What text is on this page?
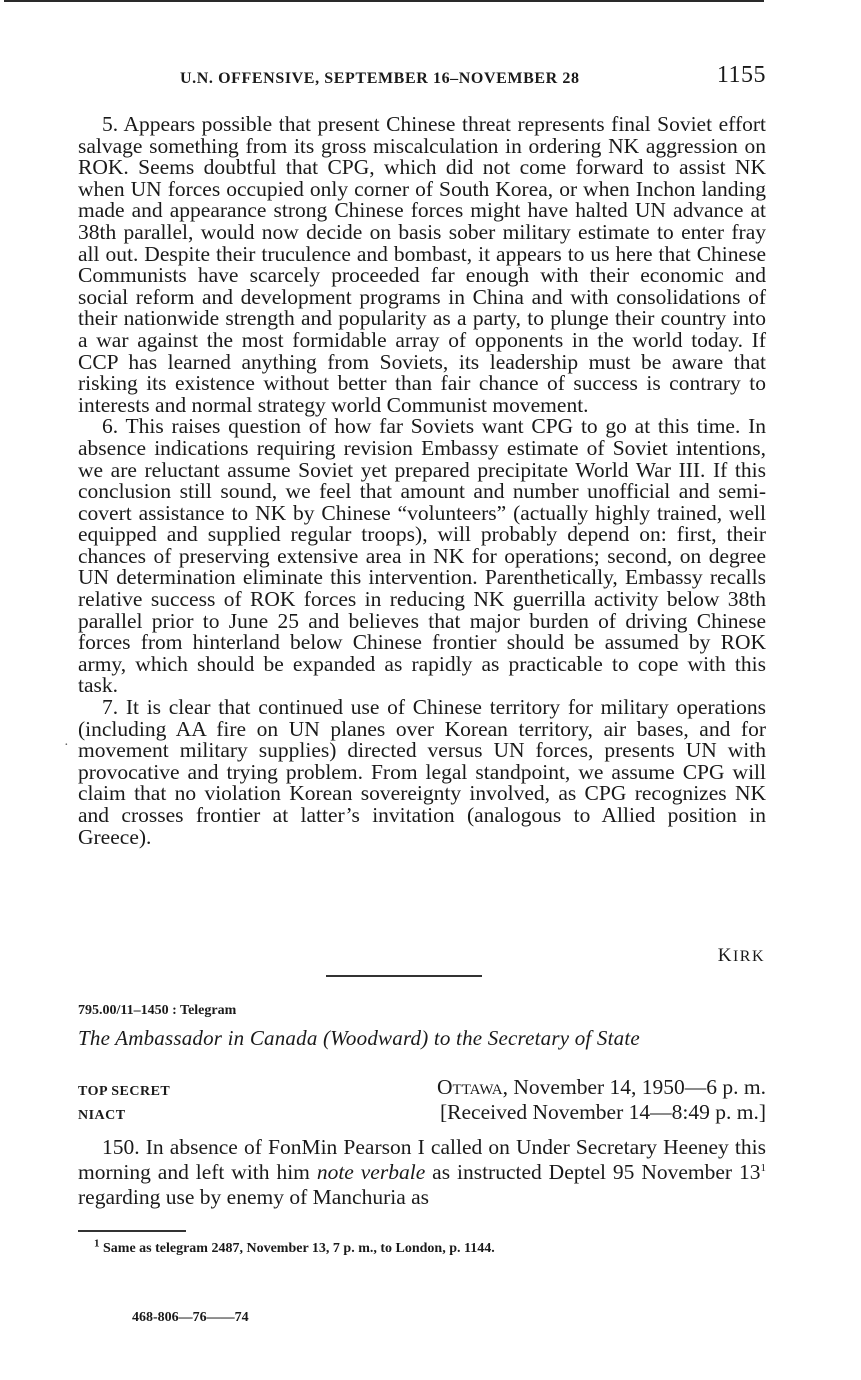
U.N. OFFENSIVE, SEPTEMBER 16–NOVEMBER 28	1155

5. Appears possible that present Chinese threat represents final Soviet effort salvage something from its gross miscalculation in ordering NK aggression on ROK. Seems doubtful that CPG, which did not come forward to assist NK when UN forces occupied only corner of South Korea, or when Inchon landing made and appearance strong Chinese forces might have halted UN advance at 38th parallel, would now decide on basis sober military estimate to enter fray all out. Despite their truculence and bombast, it appears to us here that Chinese Communists have scarcely proceeded far enough with their economic and social reform and development programs in China and with consolidations of their nationwide strength and popularity as a party, to plunge their country into a war against the most formidable array of opponents in the world today. If CCP has learned anything from Soviets, its leadership must be aware that risking its existence without better than fair chance of success is contrary to interests and normal strategy world Communist movement.

6. This raises question of how far Soviets want CPG to go at this time. In absence indications requiring revision Embassy estimate of Soviet intentions, we are reluctant assume Soviet yet prepared precipitate World War III. If this conclusion still sound, we feel that amount and number unofficial and semi-covert assistance to NK by Chinese “volunteers” (actually highly trained, well equipped and supplied regular troops), will probably depend on: first, their chances of preserving extensive area in NK for operations; second, on degree UN determination eliminate this intervention. Parenthetically, Embassy recalls relative success of ROK forces in reducing NK guerrilla activity below 38th parallel prior to June 25 and believes that major burden of driving Chinese forces from hinterland below Chinese frontier should be assumed by ROK army, which should be expanded as rapidly as practicable to cope with this task.

7. It is clear that continued use of Chinese territory for military operations (including AA fire on UN planes over Korean territory, air bases, and for movement military supplies) directed versus UN forces, presents UN with provocative and trying problem. From legal standpoint, we assume CPG will claim that no violation Korean sovereignty involved, as CPG recognizes NK and crosses frontier at latter’s invitation (analogous to Allied position in Greece).

·
KIRK
795.00/11–1450 : Telegram
The Ambassador in Canada (Woodward) to the Secretary of State
TOP SECRET
NIACT
Ottawa, November 14, 1950—6 p. m.
[Received November 14—8:49 p. m.]

150. In absence of FonMin Pearson I called on Under Secretary Heeney this morning and left with him note verbale as instructed Deptel 95 November $13^1$ regarding use by enemy of Manchuria as

$^1$ Same as telegram 2487, November 13, 7 p. m., to London, p. 1144.
468-806—76——74
